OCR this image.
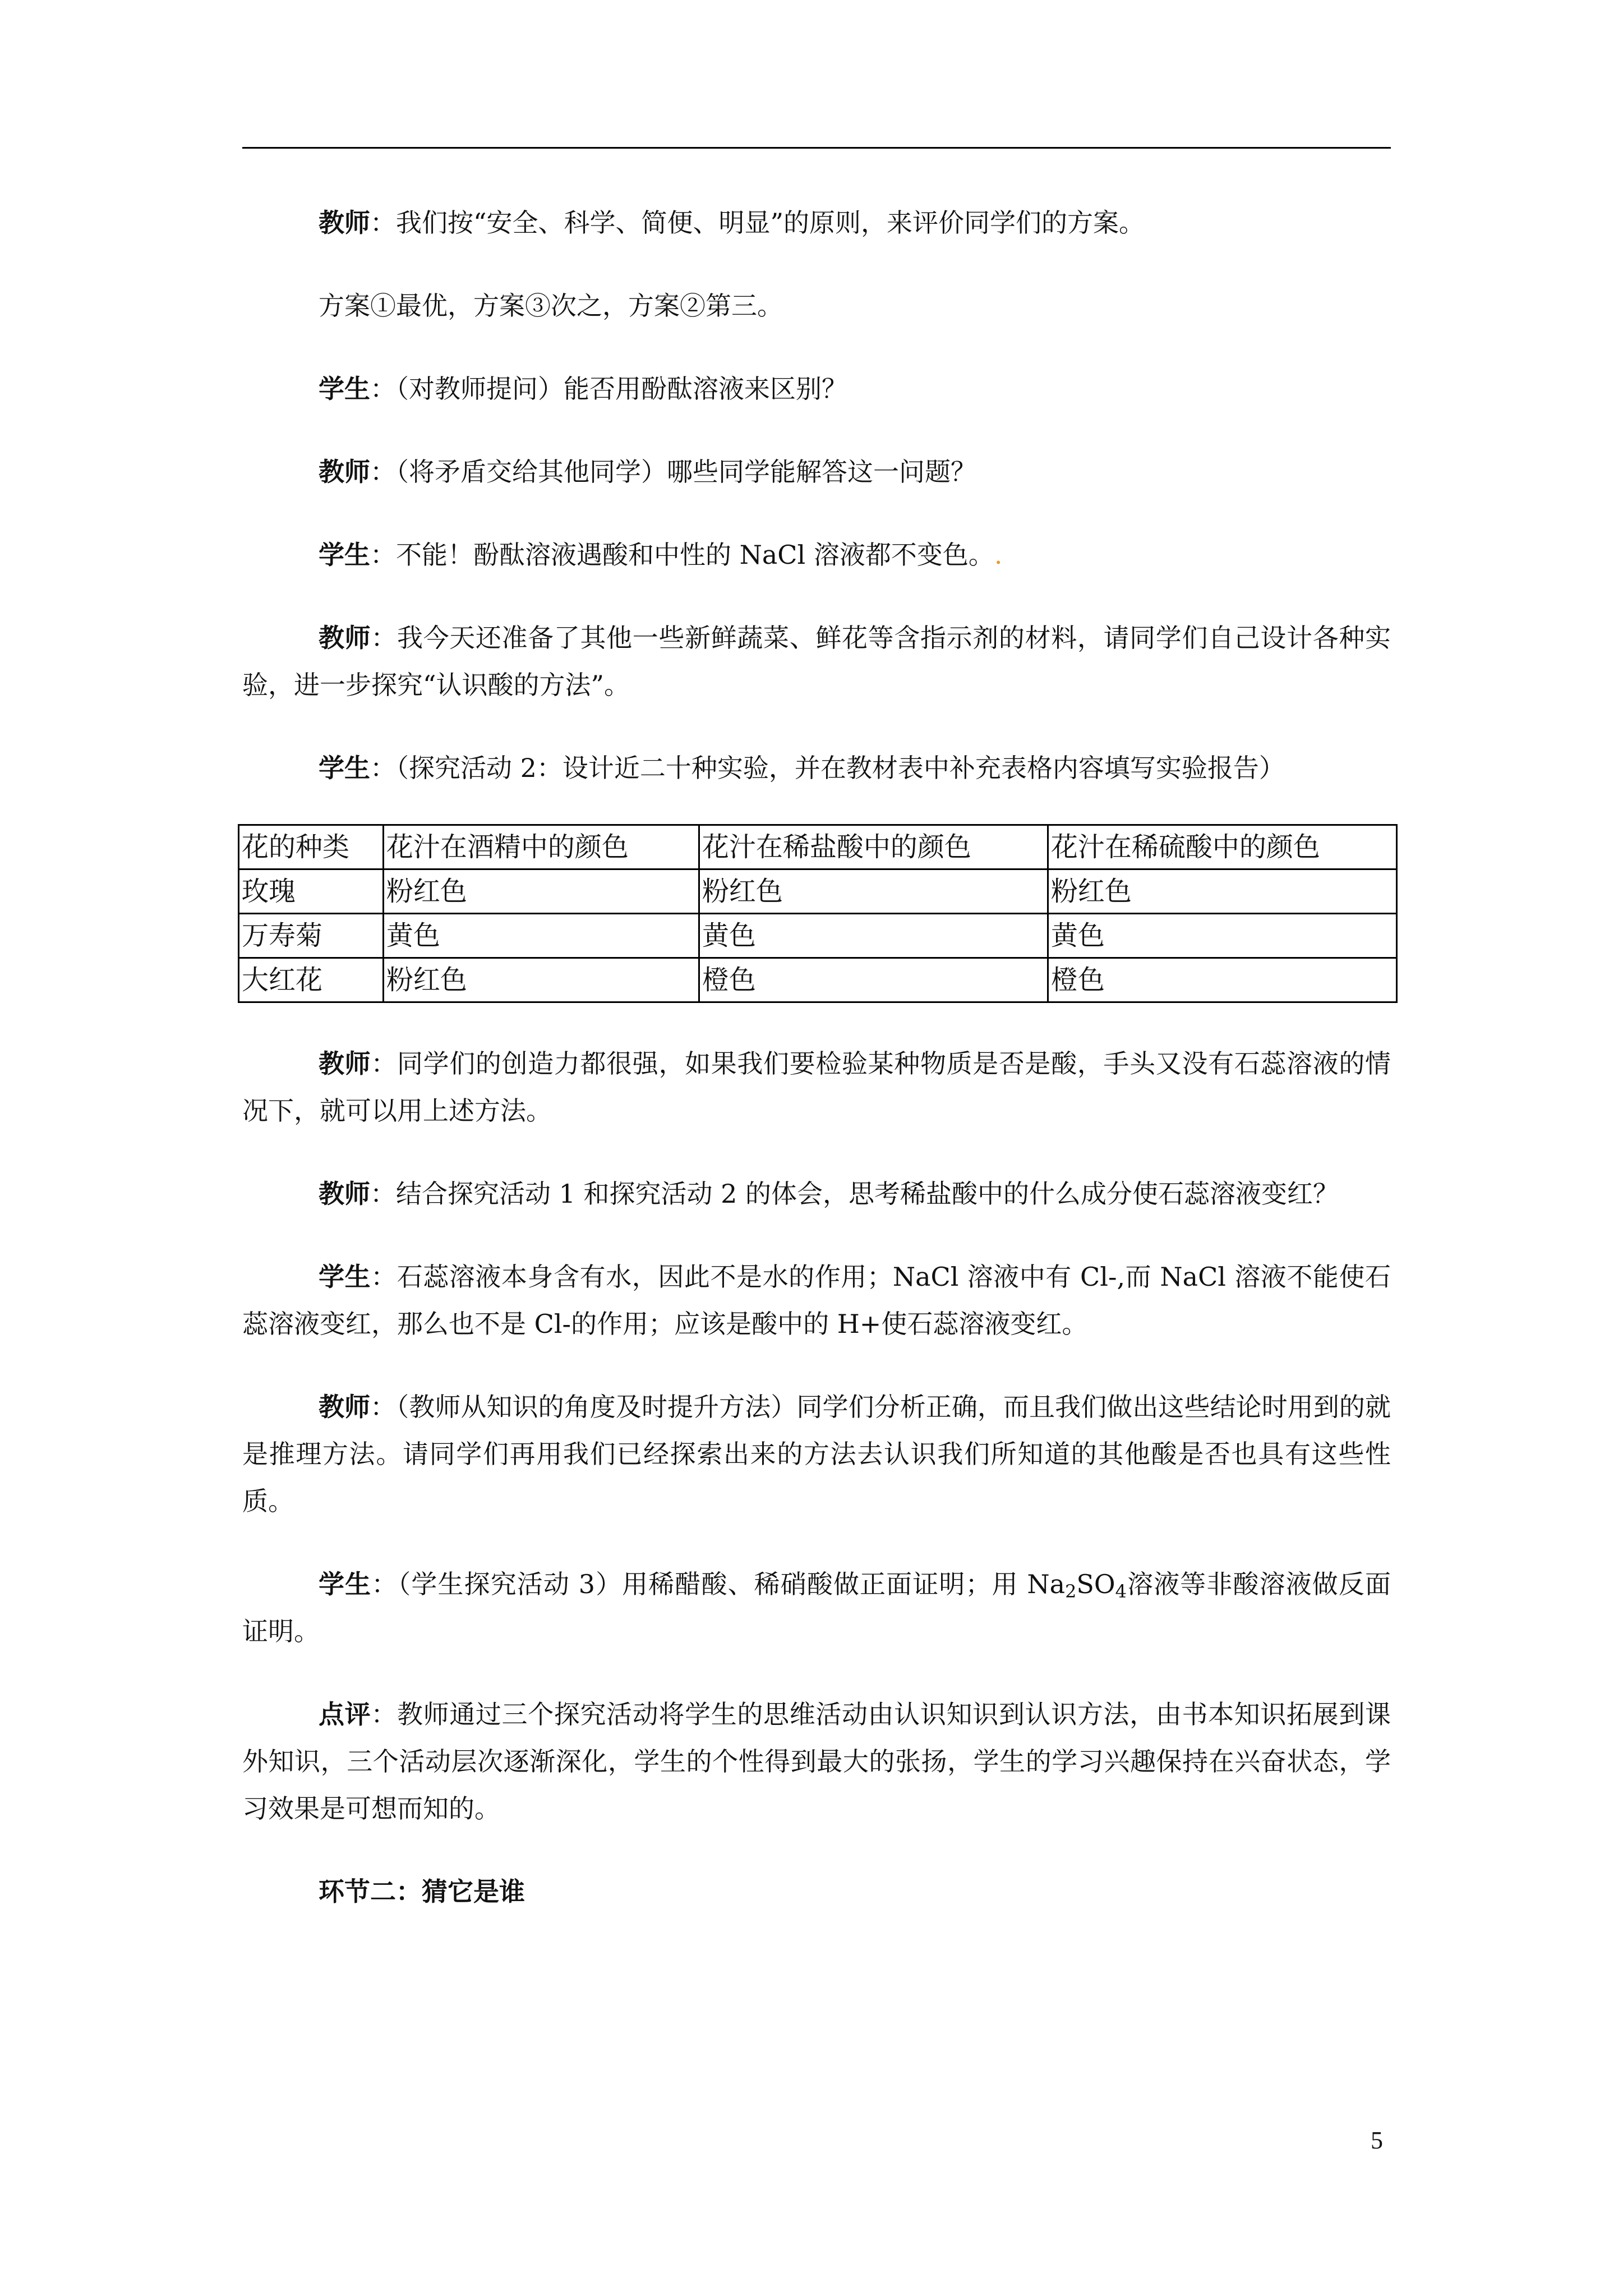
教师：我们按“安全、科学、简便、明显”的原则，来评价同学们的方案。

方案①最优，方案③次之，方案②第三。

学生：（对教师提问）能否用酚酞溶液来区别？

教师：（将矛盾交给其他同学）哪些同学能解答这一问题？

学生：不能！酚酞溶液遇酸和中性的 NaCl 溶液都不变色。.

教师：我今天还准备了其他一些新鲜蔬菜、鲜花等含指示剂的材料，请同学们自己设计各种实验，进一步探究“认识酸的方法”。

学生：（探究活动 2：设计近二十种实验，并在教材表中补充表格内容填写实验报告）

花的种类	花汁在酒精中的颜色	花汁在稀盐酸中的颜色	花汁在稀硫酸中的颜色
玫瑰	粉红色	粉红色	粉红色
万寿菊	黄色	黄色	黄色
大红花	粉红色	橙色	橙色

教师：同学们的创造力都很强，如果我们要检验某种物质是否是酸，手头又没有石蕊溶液的情况下，就可以用上述方法。

教师：结合探究活动 1 和探究活动 2 的体会，思考稀盐酸中的什么成分使石蕊溶液变红？

学生：石蕊溶液本身含有水，因此不是水的作用；NaCl 溶液中有 Cl-,而 NaCl 溶液不能使石蕊溶液变红，那么也不是 Cl-的作用；应该是酸中的 H+使石蕊溶液变红。

教师：（教师从知识的角度及时提升方法）同学们分析正确，而且我们做出这些结论时用到的就是推理方法。请同学们再用我们已经探索出来的方法去认识我们所知道的其他酸是否也具有这些性质。

学生：（学生探究活动 3）用稀醋酸、稀硝酸做正面证明；用 $Na_2SO_4$溶液等非酸溶液做反面证明。

点评：教师通过三个探究活动将学生的思维活动由认识知识到认识方法，由书本知识拓展到课外知识，三个活动层次逐渐深化，学生的个性得到最大的张扬，学生的学习兴趣保持在兴奋状态，学习效果是可想而知的。

环节二：猜它是谁

5
